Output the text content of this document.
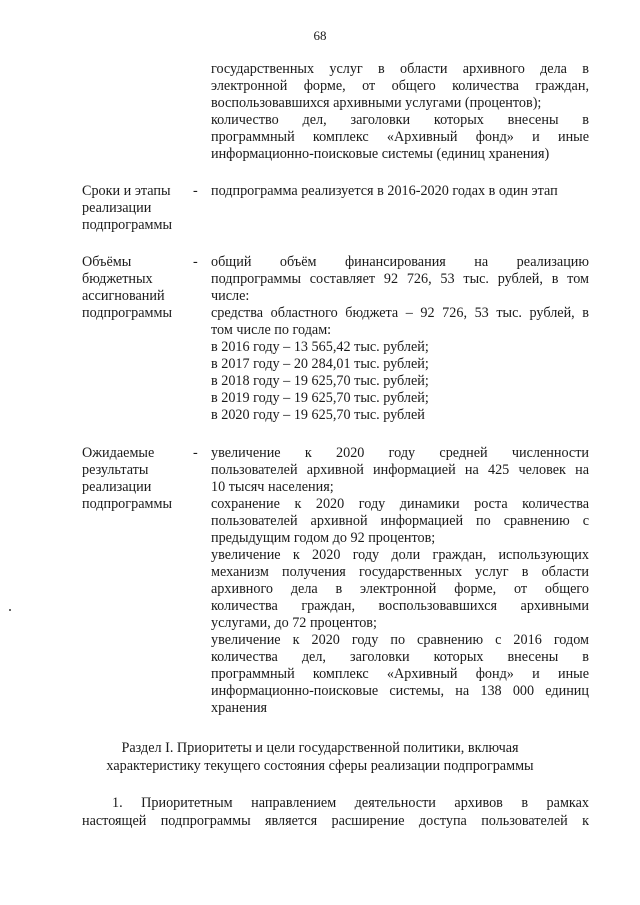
68
государственных услуг в области архивного дела в
электронной форме, от общего количества граждан,
воспользовавшихся архивными услугами (процентов);
количество дел, заголовки которых внесены в
программный комплекс «Архивный фонд» и иные
информационно-поисковые системы (единиц хранения)
Сроки и этапы
реализации
подпрограммы
- подпрограмма реализуется в 2016-2020 годах в один этап
Объёмы
бюджетных
ассигнований
подпрограммы
- общий объём финансирования на реализацию
подпрограммы составляет 92 726, 53 тыс. рублей, в том
числе:
средства областного бюджета – 92 726, 53 тыс. рублей, в
том числе по годам:
в 2016 году – 13 565,42 тыс. рублей;
в 2017 году – 20 284,01 тыс. рублей;
в 2018 году – 19 625,70 тыс. рублей;
в 2019 году – 19 625,70 тыс. рублей;
в 2020 году – 19 625,70 тыс. рублей
Ожидаемые
результаты
реализации
подпрограммы
- увеличение к 2020 году средней численности
пользователей архивной информацией на 425 человек на
10 тысяч населения;
сохранение к 2020 году динамики роста количества
пользователей архивной информацией по сравнению с
предыдущим годом до 92 процентов;
увеличение к 2020 году доли граждан, использующих
механизм получения государственных услуг в области
архивного дела в электронной форме, от общего
количества граждан, воспользовавшихся архивными
услугами, до 72 процентов;
увеличение к 2020 году по сравнению с 2016 годом
количества дел, заголовки которых внесены в
программный комплекс «Архивный фонд» и иные
информационно-поисковые системы, на 138 000 единиц
хранения
Раздел I. Приоритеты и цели государственной политики, включая
характеристику текущего состояния сферы реализации подпрограммы
1. Приоритетным направлением деятельности архивов в рамках
настоящей подпрограммы является расширение доступа пользователей к
